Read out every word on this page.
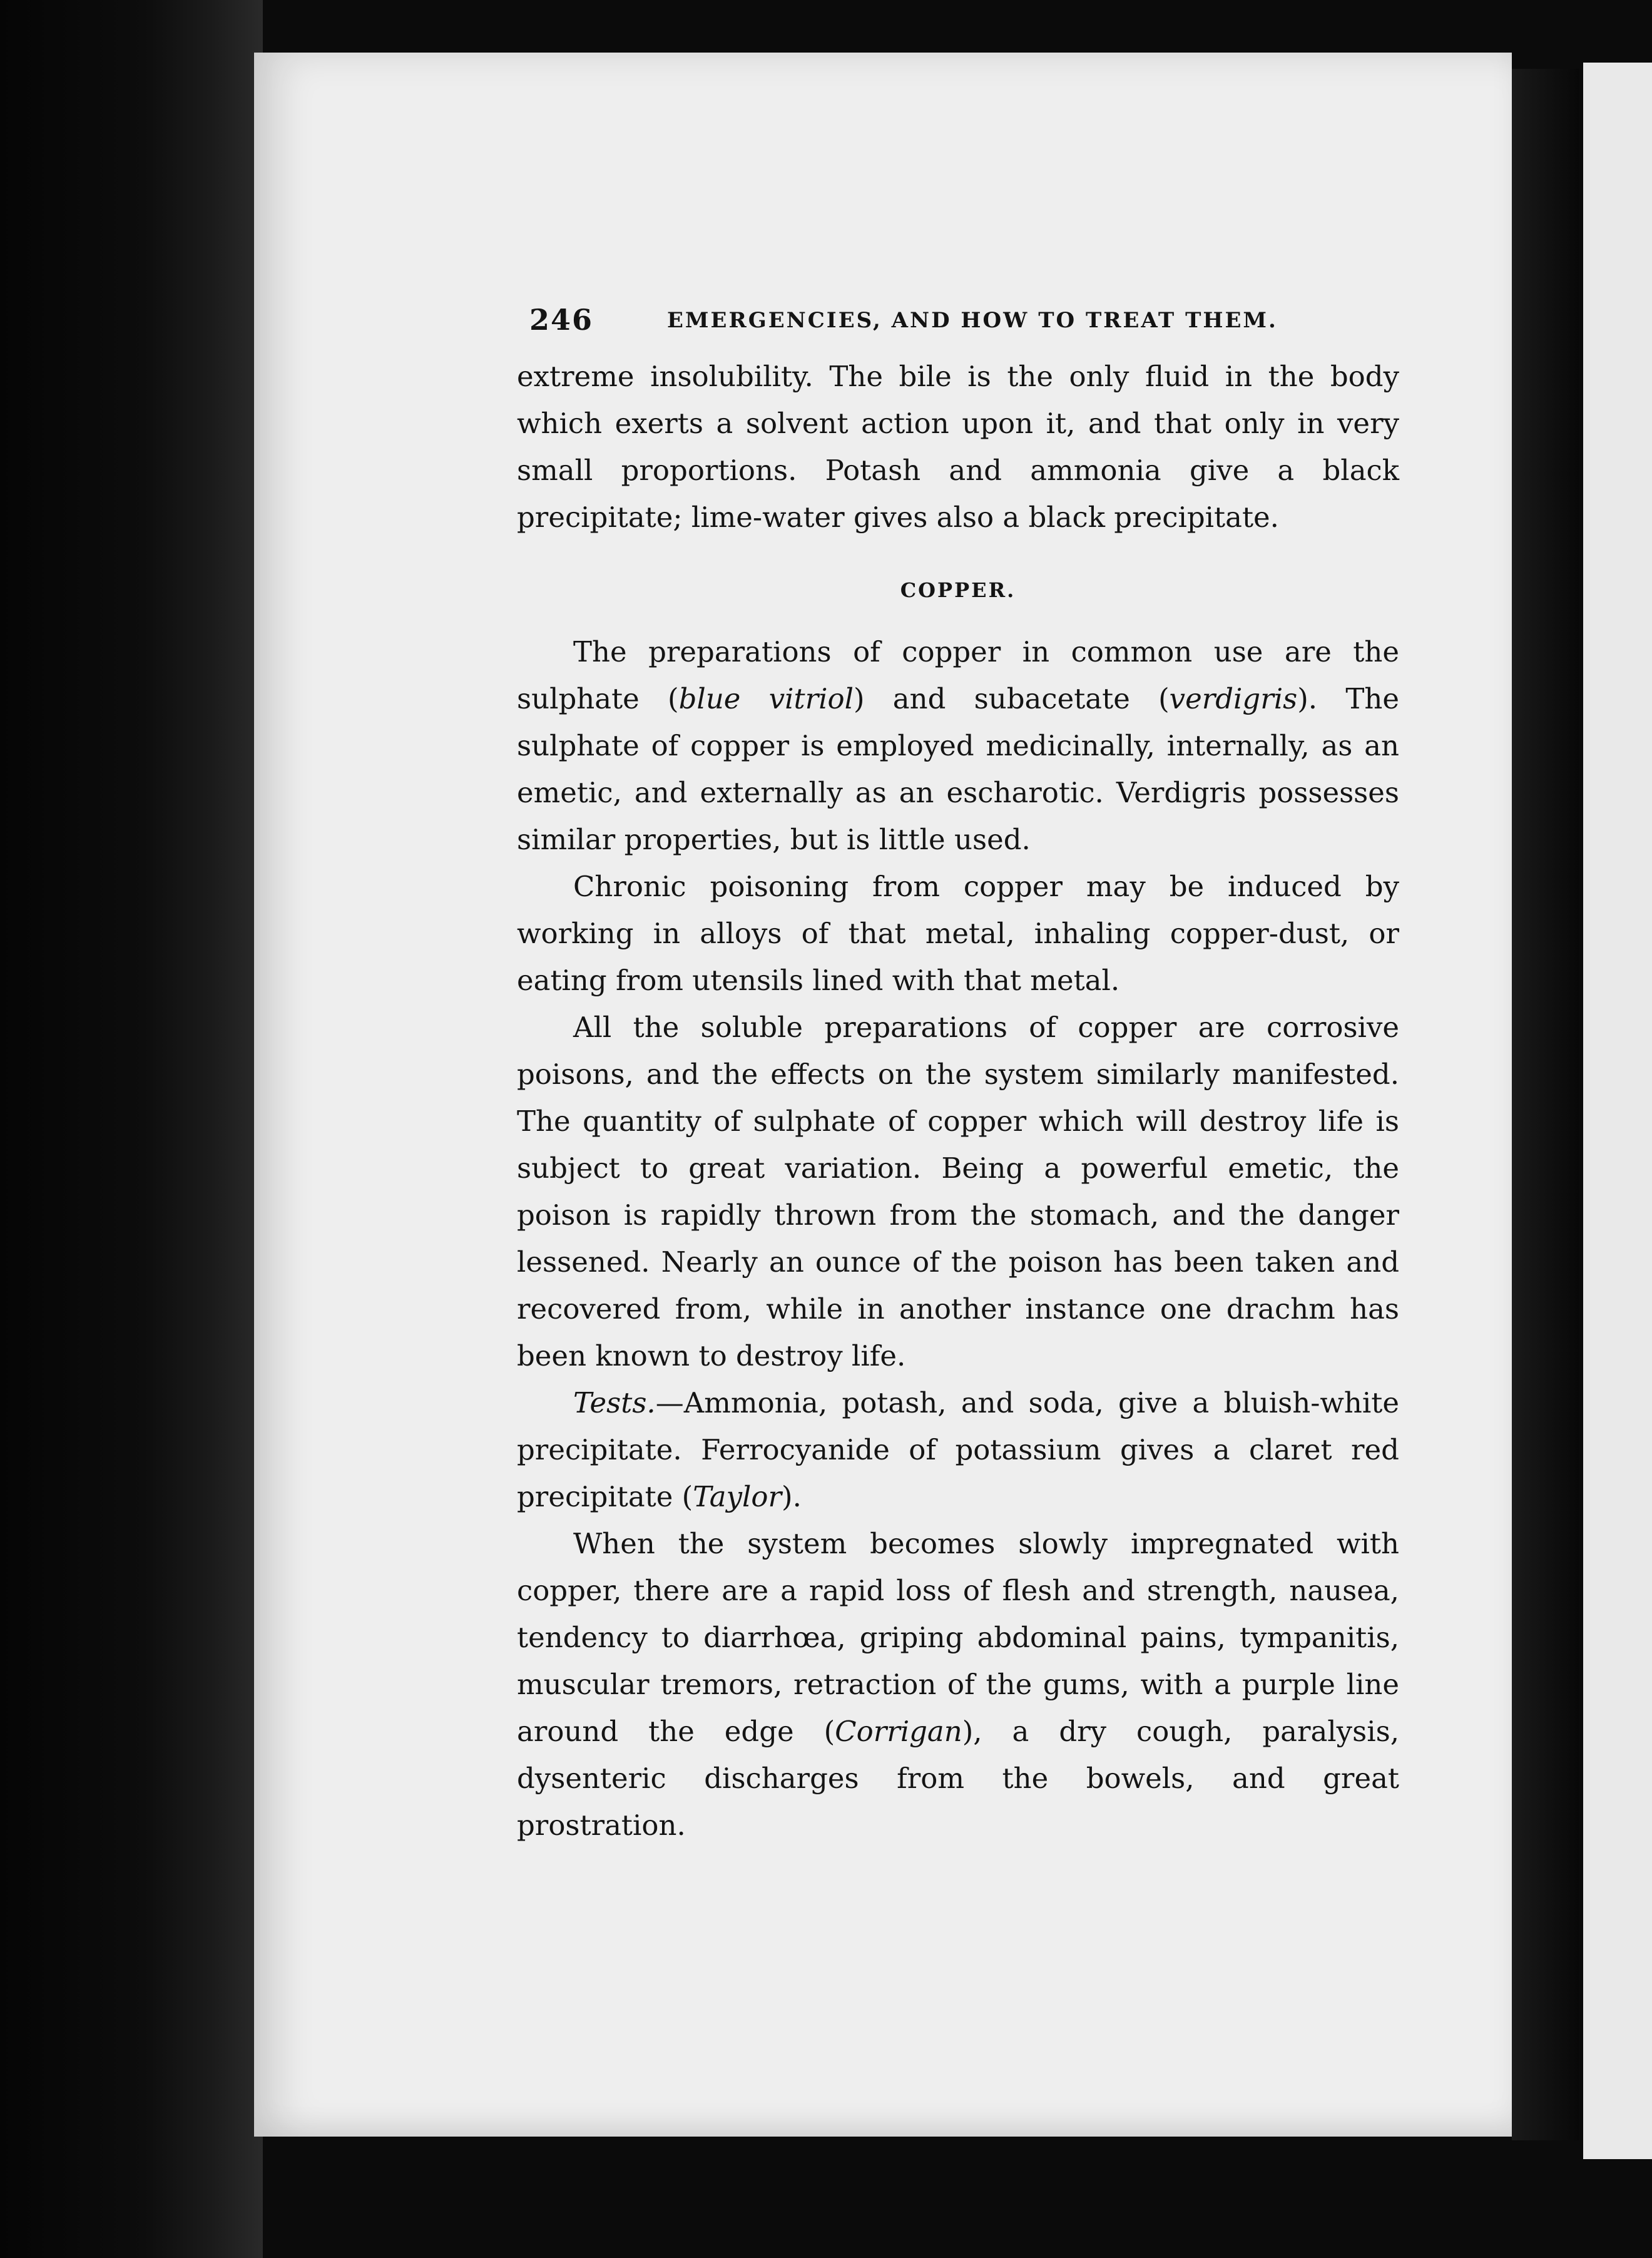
246	EMERGENCIES, AND HOW TO TREAT THEM.

extreme insolubility. The bile is the only fluid in the body which exerts a solvent action upon it, and that only in very small proportions. Potash and ammonia give a black precipitate; lime-water gives also a black precipitate.

COPPER.

The preparations of copper in common use are the sulphate (blue vitriol) and subacetate (verdigris). The sulphate of copper is employed medicinally, internally, as an emetic, and externally as an escharotic. Verdigris possesses similar properties, but is little used.

Chronic poisoning from copper may be induced by working in alloys of that metal, inhaling copper-dust, or eating from utensils lined with that metal.

All the soluble preparations of copper are corrosive poisons, and the effects on the system similarly manifested. The quantity of sulphate of copper which will destroy life is subject to great variation. Being a powerful emetic, the poison is rapidly thrown from the stomach, and the danger lessened. Nearly an ounce of the poison has been taken and recovered from, while in another instance one drachm has been known to destroy life.

Tests.—Ammonia, potash, and soda, give a bluish-white precipitate. Ferrocyanide of potassium gives a claret red precipitate (Taylor).

When the system becomes slowly impregnated with copper, there are a rapid loss of flesh and strength, nausea, tendency to diarrhœa, griping abdominal pains, tympanitis, muscular tremors, retraction of the gums, with a purple line around the edge (Corrigan), a dry cough, paralysis, dysenteric discharges from the bowels, and great prostration.
